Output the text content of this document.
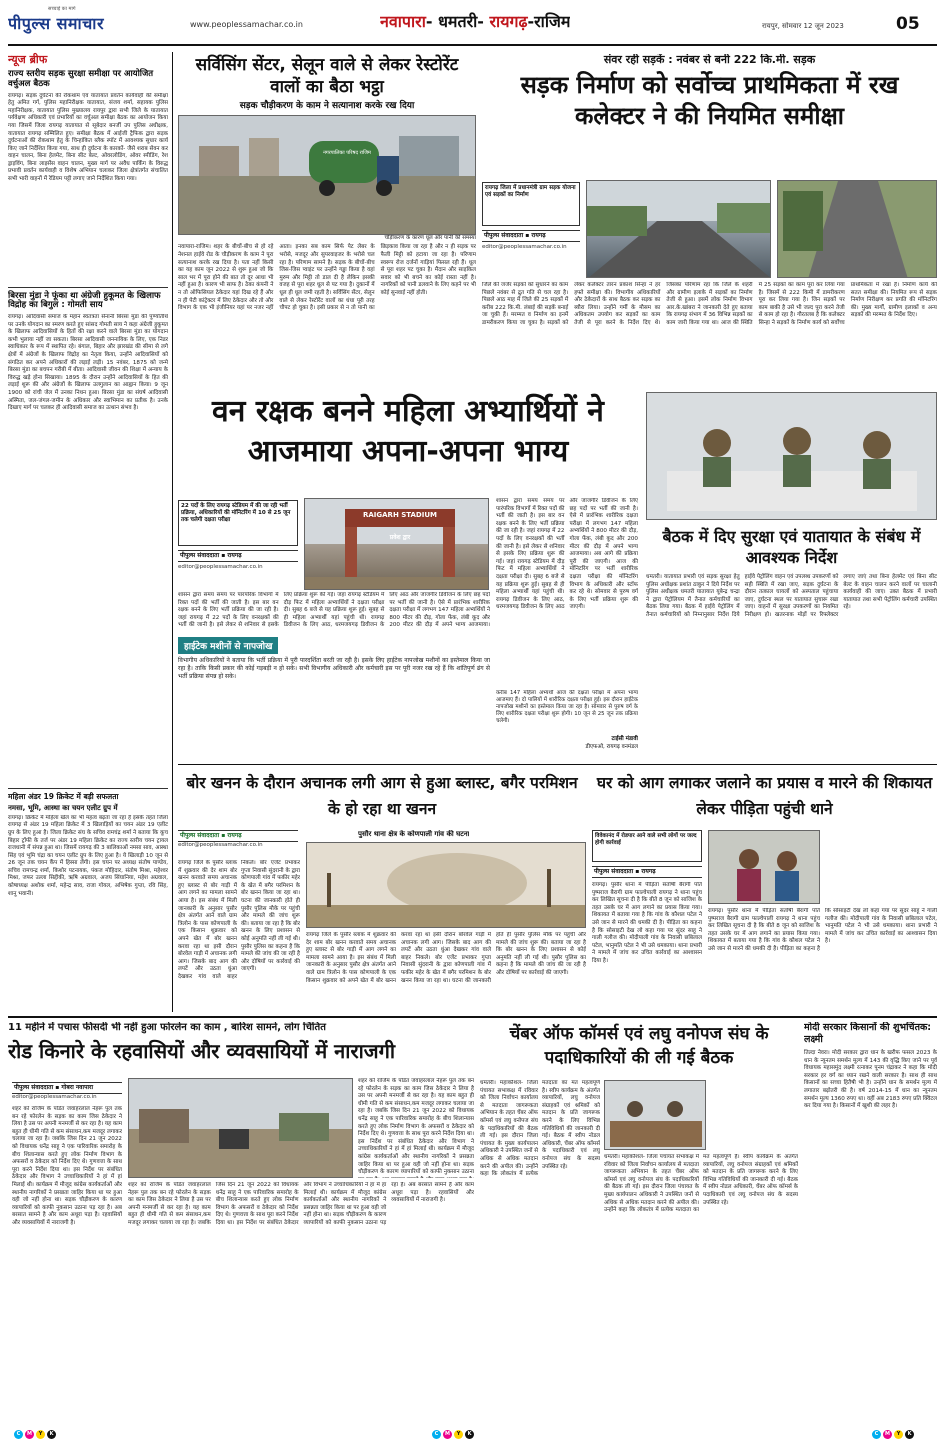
सच्चाई का मार्ग
पीपुल्स समाचार	www.peoplessamachar.co.in	नवापारा- धमतरी- रायगढ़-राजिम	रायपुर, सोमवार 12 जून 2023	05
न्यूज ब्रीफ
राज्य स्तरीय सड़क सुरक्षा समीक्षा पर आयोजित वर्चुअल बैठक
रायगढ़। सड़क दुर्घटना की रोकथाम एवं यातायात प्रवर्तन कार्यवाही की समीक्षा हेतु अमित गर्ग, पुलिस महानिरीक्षक यातायात, संजय शर्मा, सहायक पुलिस महानिरीक्षक, यातायात पुलिस मुख्यालय रायपुर द्वारा सभी जिले के यातायात पर्यवेक्षण अधिकारी एवं प्रभारियों का वर्चुअल समीक्षा बैठक का आयोजन किया गया जिसमें जिला रायगढ़ यातायात से सूबेदार बनर्जी उप पुलिस अधीक्षक, यातायात रायगढ़ सम्मिलित हुए। समीक्षा बैठक में आईजी ट्रैफिक द्वारा सड़क दुर्घटनाओं की रोकथाम हेतु के चिन्हांकित ब्लैक स्पॉट में आवश्यक सुधार कार्य किए जाने निर्देशित किया गया, साथ ही दुर्घटना के कारकों- जैसे शराब सेवन कर वाहन चालन, बिना हेलमेट, बिना सीट बेल्ट, ओवरलोडिंग, ओवर स्पीडिंग, रेश ड्राइविंग, बिना लाइसेंस वाहन चालन, मुख्य मार्ग पर अवैध पार्किंग के विरुद्ध प्रभावी प्रवर्तन कार्यवाही व विशेष अभियान चलाकर जिला क्षेत्रांतर्गत संचालित सभी भारी वाहनों में रेडियम पट्टी लगाए जाने निर्देशित किया गया।
बिरसा मुंडा ने फूंका था अंग्रेजी हुकूमत के खिलाफ विद्रोह का बिगुल : गोमती साय
रायगढ़। आदिवासी समाज के महान स्वतंत्रता सेनानी बिरसा मुंडा की पुण्यतिथि पर उनके योगदान का स्मरण करते हुए सांसद गोमती साय ने कहा अंग्रेजी हुकूमत के खिलाफ आदिवासियों के हितों की रक्षा करने वाले बिरसा मुंडा का योगदान कभी भुलाया नहीं जा सकता। बिरसा आदिवासी जननायिक के लिए, एक निडर स्वाधिकार के रूप में स्थापित रहे। बंगाल, बिहार और झारखंड की सीमा से लगे क्षेत्रों में अंग्रेजों के खिलाफ विद्रोह का नेतृत्व किया, उन्होंने आदिवासियों को संगठित कर अपने अधिकारों की लड़ाई लड़ी। 15 नवंबर, 1875 को जन्मे बिरसा मुंडा का बचपन गरीबी में बीता। आदिवासी जीवन की शिक्षा में अन्याय के विरुद्ध खड़े होना सिखाया। 1895 के दौरान उन्होंने आदिवासियों के हित की लड़ाई शुरू की और अंग्रेजों के खिलाफ उलगुलान का आह्वान किया। 9 जून 1900 को रांची जेल में उनका निधन हुआ। बिरसा मुंडा का संघर्ष आदिवासी अस्मिता, जल-जंगल-जमीन के अधिकार और स्वाभिमान का प्रतीक है। उनके दिखाए मार्ग पर चलकर ही आदिवासी समाज का उत्थान संभव है।
महिला अंडर 19 क्रिकेट में बड़ी सफलता
नमसा, भूमि, आस्था का चयन एलीट ग्रुप में
रायगढ़। क्रिकेट में महिला खेल का भी महत्व बढ़ता जा रहा है इसके तहत जिला रायगढ़ से अंडर 19 महिला क्रिकेट में 3 खिलाड़ियों का चयन अंडर 19 एलीट ग्रुप के लिए हुआ है। जिला क्रिकेट संघ के सचिव रामचंद्र शर्मा ने बताया कि कूच बिहार ट्रॉफी के तर्ज पर अंडर 19 महिला क्रिकेट का राज्य स्तरीय चयन ट्रायल राजधानी में संपन्न हुआ था। जिसमें रायगढ़ की 3 बालिकाओं नमसा साव, आस्था सिंह एवं भूमि चंद्रा का चयन एलीट ग्रुप के लिए हुआ है। ये खिलाड़ी 10 जून से 26 जून तक चयन कैंप में हिस्सा लेंगी। इस चयन पर अध्यक्ष संतोष पाण्डेय, सचिव रामचन्द्र शर्मा, किशोर पटनायक, पंकज मोहिदार, संतोष मिश्रा, महेश्वर मिश्रा, जफर उल्ला सिद्दीकी, ऋषि अग्रवाल, अजय सिंघानिया, महेश अग्रवाल, कोषाध्यक्ष अशोक शर्मा, महेन्द्र साव, राजा गोयल, अभिषेक गुप्ता, रवि सिंह, शानू भवानी।
सर्विसिंग सेंटर, सेलून वाले से लेकर रेस्टोरेंट वालों का बैठा भट्ठा
सड़क चौड़ीकरण के काम ने सत्यानाश करके रख दिया
नगरपालिका परिषद राजिम
चौड़ीकरण के कारण धूल और पानी की समस्या
नवापारा-राजिम। शहर के बीचों-बीच से हो रहे नेशनल हाईवे रोड के चौड़ीकरण के काम ने पूरा सत्यानाश करके रख दिया है। पता नहीं किसी का यह काम जून 2022 से शुरू हुआ जो कि साल भर में पूरा होने की बात तो दूर आधा भी नहीं हुआ है। कारण भी साफ है। ठेका कंपनी ने न तो ऑफिसियल ठेकेदार यहां दिख रहे हैं और न ही पेटी कांट्रेक्टर में लिए ठेकेदार और तो और विभाग के एक भी इंजीनियर यहां पर नजर नहीं आता। इनका सब काम सिर्फ पेट लेबर के भरोसे, मजदूर और सुपरवाइजर के भरोसे चल रहा है। परिणाम सामने है। सड़क के बीचों-बीच जिस-जिस प्वाइंट पर उन्होंने गड्ढा किया है वहां मुरुम और मिट्टी तो डाल दी है लेकिन इसकी वजह से पूरा शहर धूल से पट गया है। दुकानों में धूल ही धूल जमी रहती है। सर्विसिंग सेंटर, सेलून वाले से लेकर रेस्टोरेंट वालों का धंधा पूरी तरह चौपट हो चुका है। इसी प्रकार से न तो पानी का छिड़काव किया जा रहा है और न ही सड़क पर फैली मिट्टी को हटाया जा रहा है। परिणाम स्वरूप रोज दर्जनों गाड़ियां फिसल रही हैं। धूल से पूरा शहर पट चुका है। मैदान और साइकिल सवार को भी बचने का कोई रास्ता नहीं है। नागरिकों को पानी डलवाने के लिए कहने पर भी कोई सुनवाई नहीं होती।
संवर रही सड़कें : नवंबर से बनी 222 कि.मी. सड़क
सड़क निर्माण को सर्वोच्च प्राथमिकता में रख कलेक्टर ने की नियमित समीक्षा
रायगढ़ जिला में प्रधानमंत्री ग्राम सड़क योजना एवं सड़कों का निर्माण
पीपुल्स संवाददाता ▪ रायगढ़
editor@peoplessamachar.co.in
जिले की जर्जर सड़कों को सुधारने का काम पिछले नवंबर से द्रुत गति से चल रहा है। पिछले आठ माह में जिले की 25 सड़कों में करीब 222 कि.मी. लंबाई की सड़कें बनाई जा चुकी हैं। मरम्मत व निर्माण का इनमें डामरीकरण किया जा चुका है। सड़कों को लेकर कलेक्टर तारन प्रकाश सिन्हा ने हर हफ्ते समीक्षा की। विभागीय अधिकारियों और ठेकेदारों के साथ बैठक कर सड़क का ब्यौरा लिया। उन्होंने गर्मी के मौसम का अधिकतम उपयोग कर सड़कों का काम तेजी से पूरा करने के निर्देश दिए थे। जिसका परिणाम रहा कि जिले के शहरी और ग्रामीण इलाके में सड़कों का निर्माण तेजी से हुआ। इसमें लोक निर्माण विभाग आर.के.खांबरा ने जानकारी देते हुए बताया कि रायगढ़ संभाग में 36 विभिन्न सड़कों का काम जारी किया गया था। आज की स्थिति में 25 सड़कों का काम पूरा कर लिया गया है। जिसमें से 222 किमी में डामरीकरण पूरा कर लिया गया है। जिन सड़कों पर काम बाकी है उसे भी जल्द पूरा करने तेजी से काम हो रहा है। गौरतलब है कि कलेक्टर सिन्हा ने सड़कों के निर्माण कार्य को सर्वोच्च प्राथमिकता में रखा है। निर्माण कार्य की सतत समीक्षा की। नियमित रूप से सड़क निर्माण निरीक्षण कर प्रगति की मॉनिटरिंग की। मुख्य मार्गों, ग्रामीण इलाकों व अन्य सड़कों की मरम्मत के निर्देश दिए।
वन रक्षक बनने महिला अभ्यार्थियों ने आजमाया अपना-अपना भाग्य
22 पदों के लिए रायगढ़ स्टेडियम में की जा रही भर्ती प्रक्रिया, अधिकारियों की मॉनिटरिंग में 10 से 25 जून तक चलेगी दक्षता परीक्षा
पीपुल्स संवाददाता ▪ रायगढ़
editor@peoplessamachar.co.in
RAIGARH STADIUM
प्रवेश द्वार
शासन द्वारा समय समय पर पारंपरिक विभागों में रिक्त पदों की भर्ती की जाती है। इस बार वन रक्षक बनने के लिए भर्ती प्रक्रिया की जा रही है। जहां रायगढ़ में 22 पदों के लिए वनरक्षकों की भर्ती की जानी है। इसे लेकर से शनिवार से इसके लिए प्रक्रिया शुरू की गई। जहां रायगढ़ स्टेडियम में दौड़ फिट में महिला अभ्यार्थियों ने दक्षता परीक्षा दी। सुबह 6 बजे से यह प्रक्रिया शुरू हुई। सुबह से ही महिला अभ्यार्थी यहां पहुंची थी। रायगढ़ डिवीजन के लिए आठ, धरमजयगढ़ डिवीजन के लिए आठ और जांजगीर डिवीजन के लिए छह पदों पर भर्ती की जानी है। ऐसे में प्रारंभिक शारीरिक दक्षता परीक्षा में लगभग 147 महिला अभ्यर्थियों ने 800 मीटर की दौड़, गोला फेंक, लंबी कूद और 200 मीटर की दौड़ में अपने भाग्य आजमाया। अब आगे की प्रक्रिया पूरी की जाएगी। आज की मॉनिटरिंग पर भर्ती शारीरिक दक्षता परीक्षा की मॉनिटरिंग विभाग के अधिकारी और स्टॉफ कर रहे थे। सोमवार से पुरुष वर्ग के लिए भर्ती प्रक्रिया शुरू की जाएगी।
शासन द्वारा समय समय पर पारंपरिक विभागों में रिक्त पदों की भर्ती की जाती है। इस बार वन रक्षक बनने के लिए भर्ती प्रक्रिया की जा रही है। जहां रायगढ़ में 22 पदों के लिए वनरक्षकों की भर्ती की जानी है। इसे लेकर से शनिवार से इसके लिए प्रक्रिया शुरू की गई। जहां रायगढ़ स्टेडियम में दौड़ फिट में महिला अभ्यार्थियों ने दक्षता परीक्षा दी। सुबह 6 बजे से यह प्रक्रिया शुरू हुई। सुबह से ही महिला अभ्यार्थी यहां पहुंची थी। रायगढ़ डिवीजन के लिए आठ, धरमजयगढ़ डिवीजन के लिए आठ और जांजगीर डिवीजन के लिए छह पदों पर भर्ती की जानी है। ऐसे में प्रारंभिक शारीरिक दक्षता परीक्षा में लगभग 147 महिला अभ्यर्थियों ने 800 मीटर की दौड़, गोला फेंक, लंबी कूद और 200 मीटर की दौड़ में अपने भाग्य आजमाया।
हाईटेक मशीनों से नापजोख
विभागीय अधिकारियों ने बताया कि भर्ती प्रक्रिया में पूरी पारदर्शिता बरती जा रही है। इसके लिए हाईटेक नापजोख मशीनों का इस्तेमाल किया जा रहा है। ताकि किसी प्रकार की कोई गड़बड़ी न हो सके। सभी विभागीय अधिकारी और कर्मचारी इस पर पूरी नजर रख रहे हैं कि शांतिपूर्ण ढंग से भर्ती प्रक्रिया संपन्न हो सके।
करीब 147 महिला अभ्यर्थी आज की दक्षता परीक्षा में अपना भाग्य आजमाए हैं। दो पालियों में शारीरिक दक्षता परीक्षा हुई। इस दौरान हाईटेक नापजोख मशीनों का इस्तेमाल किया जा रहा है। सोमवार से पुरुष वर्ग के लिए शारीरिक दक्षता परीक्षा शुरू होगी। 10 जून से 25 जून तक प्रक्रिया चलेगी।
टाईसी मंडावी
डीएफओ, रायगढ़ वनमंडल
बैठक में दिए सुरक्षा एवं यातायात के संबंध में आवश्यक निर्देश
धमतरी। यातायात प्रभारी एवं सड़क सुरक्षा हेतु पुलिस अधीक्षक प्रशांत ठाकुर ने दिये निर्देश पर पुलिस अधीक्षक धमतरी यातायात यूबेन्द्र चन्द्रा ने द्वारा पेट्रोलियम में तैनात कर्मचारियों का बैठक लिया गया। बैठक में हाईवे पेट्रोलिंग में तैनात कर्मचारियों को निम्नानुसार निर्देश दिये हाईवे पेट्रोलिंग वाहन एवं उपलब्ध उपकरणों को सही स्थिति में रखा जाए, सड़क दुर्घटना के दौरान तत्काल घायलों को अस्पताल पहुंचाया जाए, दुर्घटना स्थल पर यातायात सुचारू रखा जाए। वाहनों में सुरक्षा उपकरणों का नियमित निरीक्षण हो। खतरनाक मोड़ों पर रिफ्लेक्टर लगाए जाएं तथा बिना हेलमेट एवं बिना सीट बेल्ट के वाहन चालन करने वालों पर चालानी कार्यवाही की जाए। उक्त बैठक में प्रभारी यातायात तथा सभी पेट्रोलिंग कर्मचारी उपस्थित रहे।
बोर खनन के दौरान अचानक लगी आग से हुआ ब्लास्ट, बगैर परमिशन के हो रहा था खनन
पीपुल्स संवाददाता ▪ रायगढ़
editor@peoplessamachar.co.in
पुसौर थाना क्षेत्र के कोणपाली गांव की घटना
रायगढ़ जिले के पुसौर ब्लाक में शुक्रवार की देर शाम बोर खनन करवाते समय अचानक हुए ब्लास्ट से बोर गाड़ी में आग लगने का मामला सामने आया है। इस संबंध में मिली जानकारी के अनुसार पुसौर क्षेत्र अंतर्गत आने वाले ग्राम त्रिलोन के पास कोणपाली के एक किसान शुक्रवार को अपने खेत में बोर खनन करवा रहा था इसी दौरान बोरवेल गाड़ी में अचानक लगी आग। जिसके बाद आग की लपटें और उठता धुंआ देखकर गांव वाले बाहर निकले। बोर एजेंट प्रभाकर गुप्ता निवासी सुंदरानी के द्वारा कोणपाली गांव में फकीर महेर के खेत में बगैर परमिशन के बोर खनन किया जा रहा था। घटना की जानकारी होते ही पुसौर पुलिस मौके पर पहुंची और मामले की जांच शुरू की। बताया जा रहा है कि बोर खनन के लिए प्रशासन से कोई अनुमति नहीं ली गई थी। पुसौर पुलिस का कहना है कि मामले की जांच की जा रही है और दोषियों पर कार्रवाई की जाएगी।
रायगढ़ जिले के पुसौर ब्लाक में शुक्रवार की देर शाम बोर खनन करवाते समय अचानक हुए ब्लास्ट से बोर गाड़ी में आग लगने का मामला सामने आया है। इस संबंध में मिली जानकारी के अनुसार पुसौर क्षेत्र अंतर्गत आने वाले ग्राम त्रिलोन के पास कोणपाली के एक किसान शुक्रवार को अपने खेत में बोर खनन करवा रहा था इसी दौरान बोरवेल गाड़ी में अचानक लगी आग। जिसके बाद आग की लपटें और उठता धुंआ देखकर गांव वाले बाहर निकले। बोर एजेंट प्रभाकर गुप्ता निवासी सुंदरानी के द्वारा कोणपाली गांव में फकीर महेर के खेत में बगैर परमिशन के बोर खनन किया जा रहा था। घटना की जानकारी होते ही पुसौर पुलिस मौके पर पहुंची और मामले की जांच शुरू की। बताया जा रहा है कि बोर खनन के लिए प्रशासन से कोई अनुमति नहीं ली गई थी। पुसौर पुलिस का कहना है कि मामले की जांच की जा रही है और दोषियों पर कार्रवाई की जाएगी।
घर को आग लगाकर जलाने का प्रयास व मारने की शिकायत लेकर पीड़िता पहुंची थाने
विवेकानंद में रोडपार आने वाले सभी लोगों पर जल्द होगी कार्रवाई
पीपुल्स संवाददाता ▪ रायगढ़
रायगढ़। पुसौर थाना में पीड़िता संतोषी बैरागी पति पुष्पराज बैरागी ग्राम फाल्वेपाली रायगढ़ ने थाना पहुंच कर लिखित सूचना दी है कि बीते 8 जून को साजिश के तहत उसके घर में आग लगाने का प्रयास किया गया। शिकायत में बताया गया है कि गांव के कौशल पटेल ने उसे जान से मारने की धमकी दी है। पीड़िता का कहना है कि सोसाइटी देख लो कहा गया पर सुंदर साहू ने गाली गलौज की। मोदीपाली गांव के निवासी छबिलाल पटेल, भानुमति पटेल ने भी उसे धमकाया। थाना प्रभारी ने मामले में जांच कर उचित कार्रवाई का आश्वासन दिया है।
रायगढ़। पुसौर थाना में पीड़िता संतोषी बैरागी पति पुष्पराज बैरागी ग्राम फाल्वेपाली रायगढ़ ने थाना पहुंच कर लिखित सूचना दी है कि बीते 8 जून को साजिश के तहत उसके घर में आग लगाने का प्रयास किया गया। शिकायत में बताया गया है कि गांव के कौशल पटेल ने उसे जान से मारने की धमकी दी है। पीड़िता का कहना है कि सोसाइटी देख लो कहा गया पर सुंदर साहू ने गाली गलौज की। मोदीपाली गांव के निवासी छबिलाल पटेल, भानुमति पटेल ने भी उसे धमकाया। थाना प्रभारी ने मामले में जांच कर उचित कार्रवाई का आश्वासन दिया है।
11 महीने में पचास फीसदी भी नहीं हुआ फोरलेन का काम , बारिश सामने, लोग चिंतित
रोड किनारे के रहवासियों और व्यवसायियों में नाराजगी
पीपुल्स संवाददाता ▪ गोबरा नवापारा
editor@peoplessamachar.co.in
शहर को राजिम के पंडित जवाहरलाल नेहरू पुल तक बन रहे फोरलेन के सड़क का काम जिस ठेकेदार ने लिया है उस पर अपनी मनमर्जी से कर रहा है। यह काम बहुत ही धीमी गति से कम संसाधन,कम मजदूर लगाकर चलाया जा रहा है। जबकि जिस दिन 21 जून 2022 को विधायक धनेंद्र साहू ने एक पारिवारिक समारोह के बीच शिलान्यास करते हुए लोक निर्माण विभाग के अफसरों व ठेकेदार को निर्देश दिए थे। गुणवत्ता के साथ पूरा करने निर्देश दिया था। इस निर्देश पर संबंधित ठेकेदार और विभाग ने उच्चाधिकारियों ने हां में हां मिलाई थी। कार्यक्रम में मौजूद कांग्रेस कार्यकर्ताओं और स्थानीय नागरिकों ने प्रसन्नता जाहिर किया था पर हुआ वही जो नहीं होना था। सड़क चौड़ीकरण के कारण व्यापारियों को काफी नुकसान उठाना पड़ रहा है। अब बरसात सामने है और काम अधूरा पड़ा है। रहवासियों और व्यवसायियों में नाराजगी है।
शहर को राजिम के पंडित जवाहरलाल नेहरू पुल तक बन रहे फोरलेन के सड़क का काम जिस ठेकेदार ने लिया है उस पर अपनी मनमर्जी से कर रहा है। यह काम बहुत ही धीमी गति से कम संसाधन,कम मजदूर लगाकर चलाया जा रहा है। जबकि जिस दिन 21 जून 2022 को विधायक धनेंद्र साहू ने एक पारिवारिक समारोह के बीच शिलान्यास करते हुए लोक निर्माण विभाग के अफसरों व ठेकेदार को निर्देश दिए थे। गुणवत्ता के साथ पूरा करने निर्देश दिया था। इस निर्देश पर संबंधित ठेकेदार और विभाग ने उच्चाधिकारियों ने हां में हां मिलाई थी। कार्यक्रम में मौजूद कांग्रेस कार्यकर्ताओं और स्थानीय नागरिकों ने प्रसन्नता जाहिर किया था पर हुआ वही जो नहीं होना था। सड़क चौड़ीकरण के कारण व्यापारियों को काफी नुकसान उठाना पड़ रहा है। अब बरसात सामने है और काम अधूरा पड़ा है। रहवासियों और व्यवसायियों में नाराजगी है।
शहर को राजिम के पंडित जवाहरलाल नेहरू पुल तक बन रहे फोरलेन के सड़क का काम जिस ठेकेदार ने लिया है उस पर अपनी मनमर्जी से कर रहा है। यह काम बहुत ही धीमी गति से कम संसाधन,कम मजदूर लगाकर चलाया जा रहा है। जबकि जिस दिन 21 जून 2022 को विधायक धनेंद्र साहू ने एक पारिवारिक समारोह के बीच शिलान्यास करते हुए लोक निर्माण विभाग के अफसरों व ठेकेदार को निर्देश दिए थे। गुणवत्ता के साथ पूरा करने निर्देश दिया था। इस निर्देश पर संबंधित ठेकेदार और विभाग ने उच्चाधिकारियों ने हां में हां मिलाई थी। कार्यक्रम में मौजूद कांग्रेस कार्यकर्ताओं और स्थानीय नागरिकों ने प्रसन्नता जाहिर किया था पर हुआ वही जो नहीं होना था। सड़क चौड़ीकरण के कारण व्यापारियों को काफी नुकसान उठाना
चेंबर ऑफ कॉमर्स एवं लघु वनोपज संघ के पदाधिकारियों की ली गई बैठक
धमतरी। महाकौशल- जिला पंचायत सभाकक्ष में रविवार को जिला निर्वाचन कार्यालय से मतदाता जागरूकता अभियान के तहत चेंबर ऑफ कॉमर्स एवं लघु वनोपज संघ के पदाधिकारियों की बैठक ली गई। इस दौरान जिला पंचायत के मुख्य कार्यपालन अधिकारी ने उपस्थित जनों से अधिक से अधिक मतदान करने की अपील की। उन्होंने कहा कि लोकतंत्र में प्रत्येक मतदाता का मत महत्वपूर्ण है। स्वीप कार्यक्रम के अंतर्गत व्यापारियों, लघु वनोपज संग्राहकों एवं श्रमिकों को मतदान के प्रति जागरूक करने के लिए विभिन्न गतिविधियों की जानकारी दी गई। बैठक में स्वीप नोडल अधिकारी, चेंबर ऑफ कॉमर्स के पदाधिकारी एवं लघु वनोपज संघ के सदस्य उपस्थित रहे।
धमतरी। महाकौशल- जिला पंचायत सभाकक्ष में रविवार को जिला निर्वाचन कार्यालय से मतदाता जागरूकता अभियान के तहत चेंबर ऑफ कॉमर्स एवं लघु वनोपज संघ के पदाधिकारियों की बैठक ली गई। इस दौरान जिला पंचायत के मुख्य कार्यपालन अधिकारी ने उपस्थित जनों से अधिक से अधिक मतदान करने की अपील की। उन्होंने कहा कि लोकतंत्र में प्रत्येक मतदाता का मत महत्वपूर्ण है। स्वीप कार्यक्रम के अंतर्गत व्यापारियों, लघु वनोपज संग्राहकों एवं श्रमिकों को मतदान के प्रति जागरूक करने के लिए विभिन्न गतिविधियों की जानकारी दी गई। बैठक में स्वीप नोडल अधिकारी, चेंबर ऑफ कॉमर्स के पदाधिकारी एवं लघु वनोपज संघ के सदस्य उपस्थित रहे।
मोदी सरकार किसानों की शुभचिंतक: लक्ष्मी
तिल्दा नेवरा। मोदी सरकार द्वारा धान के खरीफ फसल 2023 के धान के न्यूनतम समर्थन मूल्य में 143 की वृद्धि किए जाने पर पूर्व विधायक महासमुंद लक्ष्मी रत्नाकर पूनम चंद्राकर ने कहा कि मोदी सरकार हर वर्ग का ध्यान रखने वाली सरकार है। साथ ही साथ किसानों का सच्चा हितैषी भी है। उन्होंने धान के समर्थन मूल्य में लगातार बढ़ोतरी की है। वर्ष 2014-15 में धान का न्यूनतम समर्थन मूल्य 1360 रुपए था। वहीं अब 2183 रुपए प्रति क्विंटल कर दिया गया है। किसानों में खुशी की लहर है।
C	M	Y	K	C	M	Y	K	C	M	Y	K
